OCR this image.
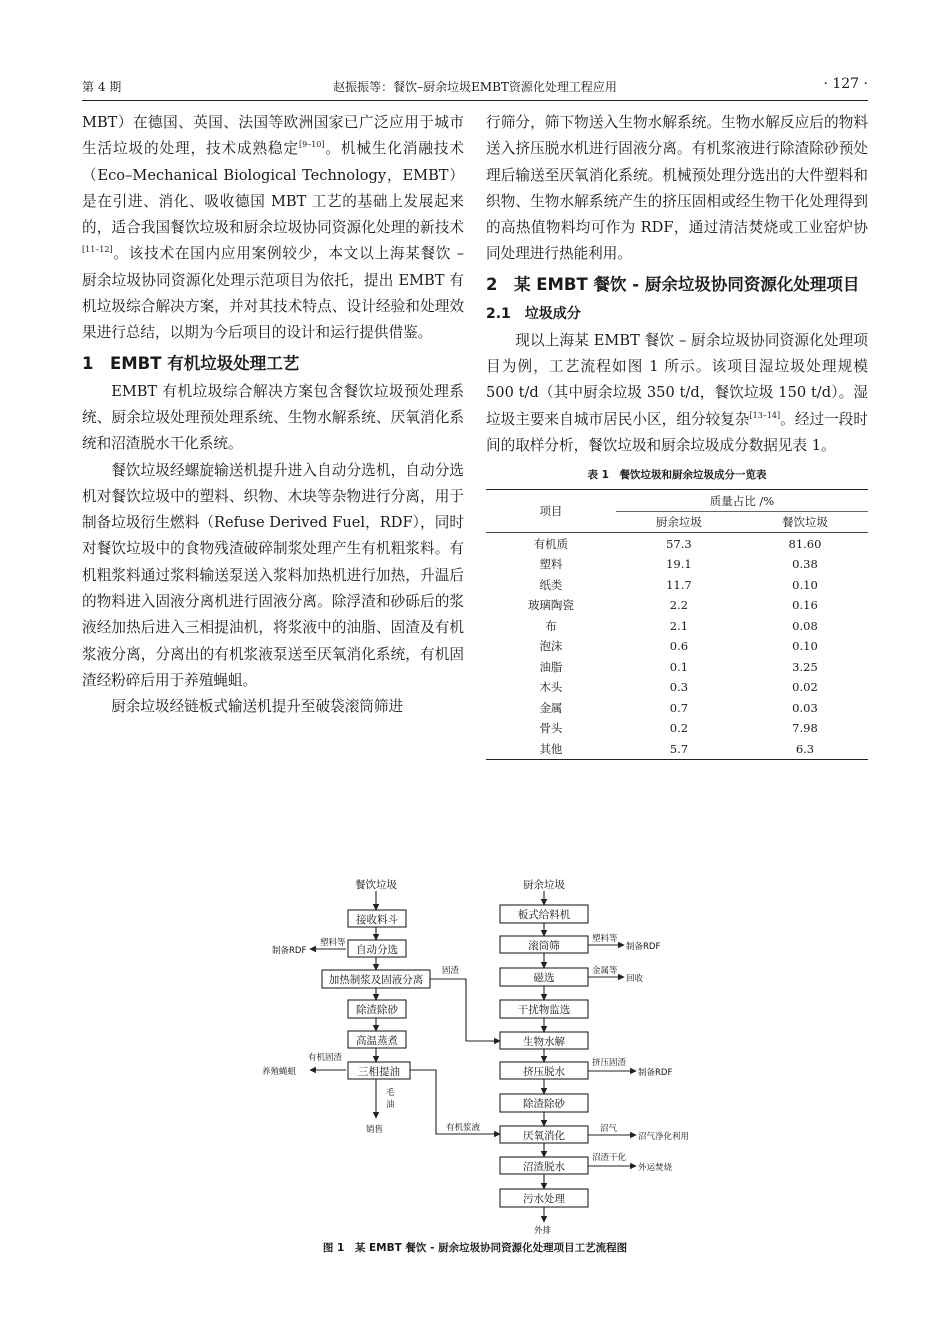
第 4 期	赵振振等：餐饮–厨余垃圾EMBT资源化处理工程应用	· 127 ·

MBT）在德国、英国、法国等欧洲国家已广泛应用于城市生活垃圾的处理，技术成熟稳定[9–10]。机械生化消融技术（Eco–Mechanical Biological Technology，EMBT）是在引进、消化、吸收德国 MBT 工艺的基础上发展起来的，适合我国餐饮垃圾和厨余垃圾协同资源化处理的新技术[11–12]。该技术在国内应用案例较少，本文以上海某餐饮 – 厨余垃圾协同资源化处理示范项目为依托，提出 EMBT 有机垃圾综合解决方案，并对其技术特点、设计经验和处理效果进行总结，以期为今后项目的设计和运行提供借鉴。

1　EMBT 有机垃圾处理工艺

EMBT 有机垃圾综合解决方案包含餐饮垃圾预处理系统、厨余垃圾处理预处理系统、生物水解系统、厌氧消化系统和沼渣脱水干化系统。

餐饮垃圾经螺旋输送机提升进入自动分选机，自动分选机对餐饮垃圾中的塑料、织物、木块等杂物进行分离，用于制备垃圾衍生燃料（Refuse Derived Fuel，RDF），同时对餐饮垃圾中的食物残渣破碎制浆处理产生有机粗浆料。有机粗浆料通过浆料输送泵送入浆料加热机进行加热，升温后的物料进入固液分离机进行固液分离。除浮渣和砂砾后的浆液经加热后进入三相提油机，将浆液中的油脂、固渣及有机浆液分离，分离出的有机浆液泵送至厌氧消化系统，有机固渣经粉碎后用于养殖蝇蛆。

厨余垃圾经链板式输送机提升至破袋滚筒筛进

行筛分，筛下物送入生物水解系统。生物水解反应后的物料送入挤压脱水机进行固液分离。有机浆液进行除渣除砂预处理后输送至厌氧消化系统。机械预处理分选出的大件塑料和织物、生物水解系统产生的挤压固相或经生物干化处理得到的高热值物料均可作为 RDF，通过清洁焚烧或工业窑炉协同处理进行热能利用。

2　某 EMBT 餐饮 - 厨余垃圾协同资源化处理项目
2.1　垃圾成分

现以上海某 EMBT 餐饮 – 厨余垃圾协同资源化处理项目为例，工艺流程如图 1 所示。该项目湿垃圾处理规模 500 t/d（其中厨余垃圾 350 t/d，餐饮垃圾 150 t/d）。湿垃圾主要来自城市居民小区，组分较复杂[13–14]。经过一段时间的取样分析，餐饮垃圾和厨余垃圾成分数据见表 1。

表 1　餐饮垃圾和厨余垃圾成分一览表
项目	质量占比 /%	
	厨余垃圾	餐饮垃圾
有机质	57.3	81.60
塑料	19.1	0.38
纸类	11.7	0.10
玻璃陶瓷	2.2	0.16
布	2.1	0.08
泡沫	0.6	0.10
油脂	0.1	3.25
木头	0.3	0.02
金属	0.7	0.03
骨头	0.2	7.98
其他	5.7	6.3
餐饮垃圾	厨余垃圾
接收料斗
自动分选
加热制浆及固液分离
除渣除砂
高温蒸煮
三相提油
板式给料机
滚筒筛
磁选
干扰物监选
生物水解
挤压脱水
除渣除砂
厌氧消化
沼渣脱水
污水处理
塑料等
制备RDF
固渣
有机固渣
养殖蝇蛆
毛
油
销售	有机浆液
塑料等
制备RDF
金属等
回收
挤压固渣
制备RDF
沼气
沼气净化利用
沼渣干化
外运焚烧
外排
图 1　某 EMBT 餐饮 - 厨余垃圾协同资源化处理项目工艺流程图
